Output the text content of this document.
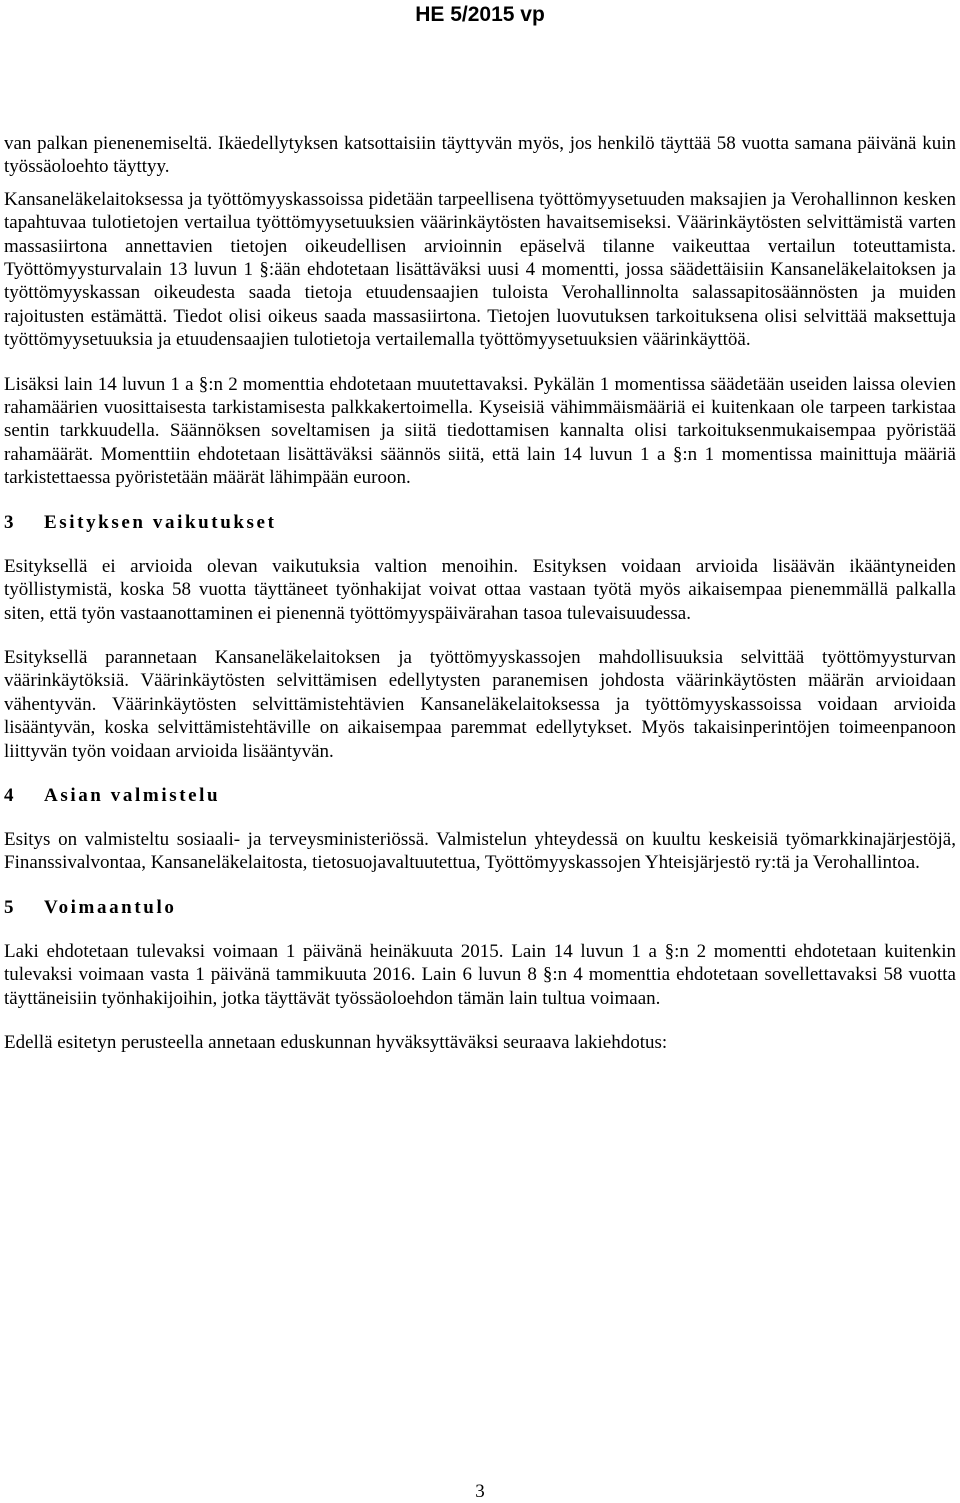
HE 5/2015 vp

van palkan pienenemiseltä. Ikäedellytyksen katsottaisiin täyttyvän myös, jos henkilö täyttää 58 vuotta samana päivänä kuin työssäoloehto täyttyy.

Kansaneläkelaitoksessa ja työttömyyskassoissa pidetään tarpeellisena työttömyysetuuden maksajien ja Verohallinnon kesken tapahtuvaa tulotietojen vertailua työttömyysetuuksien väärinkäytösten havaitsemiseksi. Väärinkäytösten selvittämistä varten massasiirtona annettavien tietojen oikeudellisen arvioinnin epäselvä tilanne vaikeuttaa vertailun toteuttamista. Työttömyysturvalain 13 luvun 1 §:ään ehdotetaan lisättäväksi uusi 4 momentti, jossa säädettäisiin Kansaneläkelaitoksen ja työttömyyskassan oikeudesta saada tietoja etuudensaajien tuloista Verohallinnolta salassapitosäännösten ja muiden rajoitusten estämättä. Tiedot olisi oikeus saada massasiirtona. Tietojen luovutuksen tarkoituksena olisi selvittää maksettuja työttömyysetuuksia ja etuudensaajien tulotietoja vertailemalla työttömyysetuuksien väärinkäyttöä.

Lisäksi lain 14 luvun 1 a §:n 2 momenttia ehdotetaan muutettavaksi. Pykälän 1 momentissa säädetään useiden laissa olevien rahamäärien vuosittaisesta tarkistamisesta palkkakertoimella. Kyseisiä vähimmäismääriä ei kuitenkaan ole tarpeen tarkistaa sentin tarkkuudella. Säännöksen soveltamisen ja siitä tiedottamisen kannalta olisi tarkoituksenmukaisempaa pyöristää rahamäärät. Momenttiin ehdotetaan lisättäväksi säännös siitä, että lain 14 luvun 1 a §:n 1 momentissa mainittuja määriä tarkistettaessa pyöristetään määrät lähimpään euroon.

3 Esityksen vaikutukset

Esityksellä ei arvioida olevan vaikutuksia valtion menoihin. Esityksen voidaan arvioida lisäävän ikääntyneiden työllistymistä, koska 58 vuotta täyttäneet työnhakijat voivat ottaa vastaan työtä myös aikaisempaa pienemmällä palkalla siten, että työn vastaanottaminen ei pienennä työttömyyspäivärahan tasoa tulevaisuudessa.

Esityksellä parannetaan Kansaneläkelaitoksen ja työttömyyskassojen mahdollisuuksia selvittää työttömyysturvan väärinkäytöksiä. Väärinkäytösten selvittämisen edellytysten paranemisen johdosta väärinkäytösten määrän arvioidaan vähentyvän. Väärinkäytösten selvittämistehtävien Kansaneläkelaitoksessa ja työttömyyskassoissa voidaan arvioida lisääntyvän, koska selvittämistehtäville on aikaisempaa paremmat edellytykset. Myös takaisinperintöjen toimeenpanoon liittyvän työn voidaan arvioida lisääntyvän.

4 Asian valmistelu

Esitys on valmisteltu sosiaali- ja terveysministeriössä. Valmistelun yhteydessä on kuultu keskeisiä työmarkkinajärjestöjä, Finanssivalvontaa, Kansaneläkelaitosta, tietosuojavaltuutettua, Työttömyyskassojen Yhteisjärjestö ry:tä ja Verohallintoa.

5 Voimaantulo

Laki ehdotetaan tulevaksi voimaan 1 päivänä heinäkuuta 2015. Lain 14 luvun 1 a §:n 2 momentti ehdotetaan kuitenkin tulevaksi voimaan vasta 1 päivänä tammikuuta 2016. Lain 6 luvun 8 §:n 4 momenttia ehdotetaan sovellettavaksi 58 vuotta täyttäneisiin työnhakijoihin, jotka täyttävät työssäoloehdon tämän lain tultua voimaan.

Edellä esitetyn perusteella annetaan eduskunnan hyväksyttäväksi seuraava lakiehdotus:

3
